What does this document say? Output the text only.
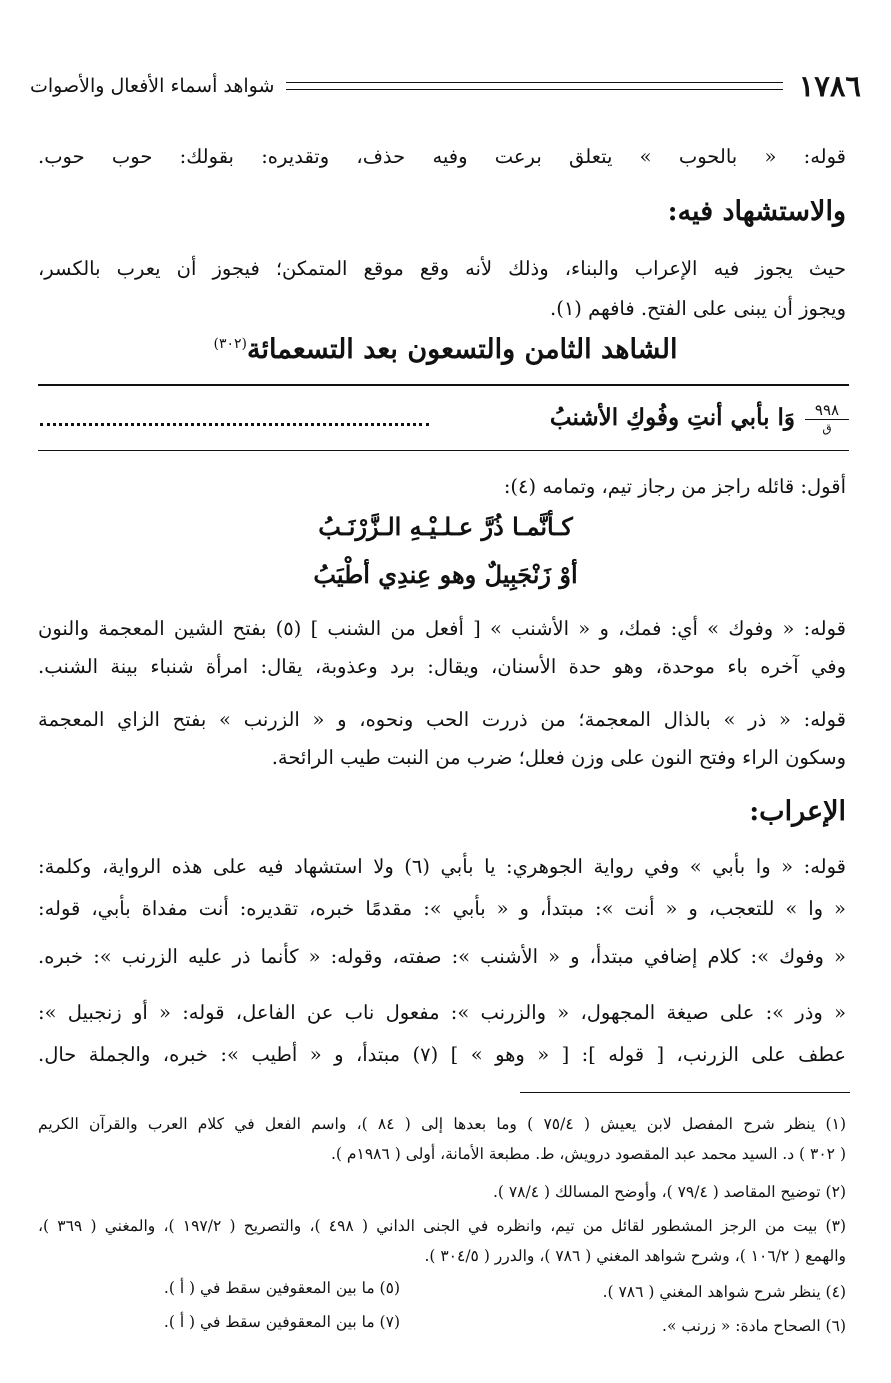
١٧٨٦
شواهد أسماء الأفعال والأصوات
قوله: « بالحوب » يتعلق برعت وفيه حذف، وتقديره: بقولك: حوب حوب.
والاستشهاد فيه:
حيث يجوز فيه الإعراب والبناء، وذلك لأنه وقع موقع المتمكن؛ فيجوز أن يعرب بالكسر،
ويجوز أن يبنى على الفتح. فافهم (١).
الشاهد الثامن والتسعون بعد التسعمائة$^{(٣٠٢)}$
٩٩٨
ق
وَا بأبي أنتِ وفُوكِ الأشنبُ
أقول: قائله راجز من رجاز تيم، وتمامه (٤):
كـأنَّمـا ذُرَّ عـلـيْـهِ الـزَّرْنَـبُ
أوْ زَنْجَبِيلٌ وهو عِندِي أطْيَبُ
قوله: « وفوك » أي: فمك، و « الأشنب » [ أفعل من الشنب ] (٥) بفتح الشين المعجمة والنون
وفي آخره باء موحدة، وهو حدة الأسنان، ويقال: برد وعذوبة، يقال: امرأة شنباء بينة الشنب.
قوله: « ذر » بالذال المعجمة؛ من ذررت الحب ونحوه، و « الزرنب » بفتح الزاي المعجمة
وسكون الراء وفتح النون على وزن فعلل؛ ضرب من النبت طيب الرائحة.
الإعراب:
قوله: « وا بأبي » وفي رواية الجوهري: يا بأبي (٦) ولا استشهاد فيه على هذه الرواية، وكلمة:
« وا » للتعجب، و « أنت »: مبتدأ، و « بأبي »: مقدمًا خبره، تقديره: أنت مفداة بأبي، قوله:
« وفوك »: كلام إضافي مبتدأ، و « الأشنب »: صفته، وقوله: « كأنما ذر عليه الزرنب »: خبره.
« وذر »: على صيغة المجهول، « والزرنب »: مفعول ناب عن الفاعل، قوله: « أو زنجبيل »:
عطف على الزرنب، [ قوله ]: [ « وهو » ] (٧) مبتدأ، و « أطيب »: خبره، والجملة حال.
(١) ينظر شرح المفصل لابن يعيش ( ٧٥/٤ ) وما بعدها إلى ( ٨٤ )، واسم الفعل في كلام العرب والقرآن الكريم
( ٣٠٢ ) د. السيد محمد عبد المقصود درويش، ط. مطبعة الأمانة، أولى ( ١٩٨٦م ).
(٢) توضيح المقاصد ( ٧٩/٤ )، وأوضح المسالك ( ٧٨/٤ ).
(٣) بيت من الرجز المشطور لقائل من تيم، وانظره في الجنى الداني ( ٤٩٨ )، والتصريح ( ١٩٧/٢ )، والمغني ( ٣٦٩ )،
والهمع ( ١٠٦/٢ )، وشرح شواهد المغني ( ٧٨٦ )، والدرر ( ٣٠٤/٥ ).
(٤) ينظر شرح شواهد المغني ( ٧٨٦ ).
(٥) ما بين المعقوفين سقط في ( أ ).
(٦) الصحاح مادة: « زرنب ».
(٧) ما بين المعقوفين سقط في ( أ ).
